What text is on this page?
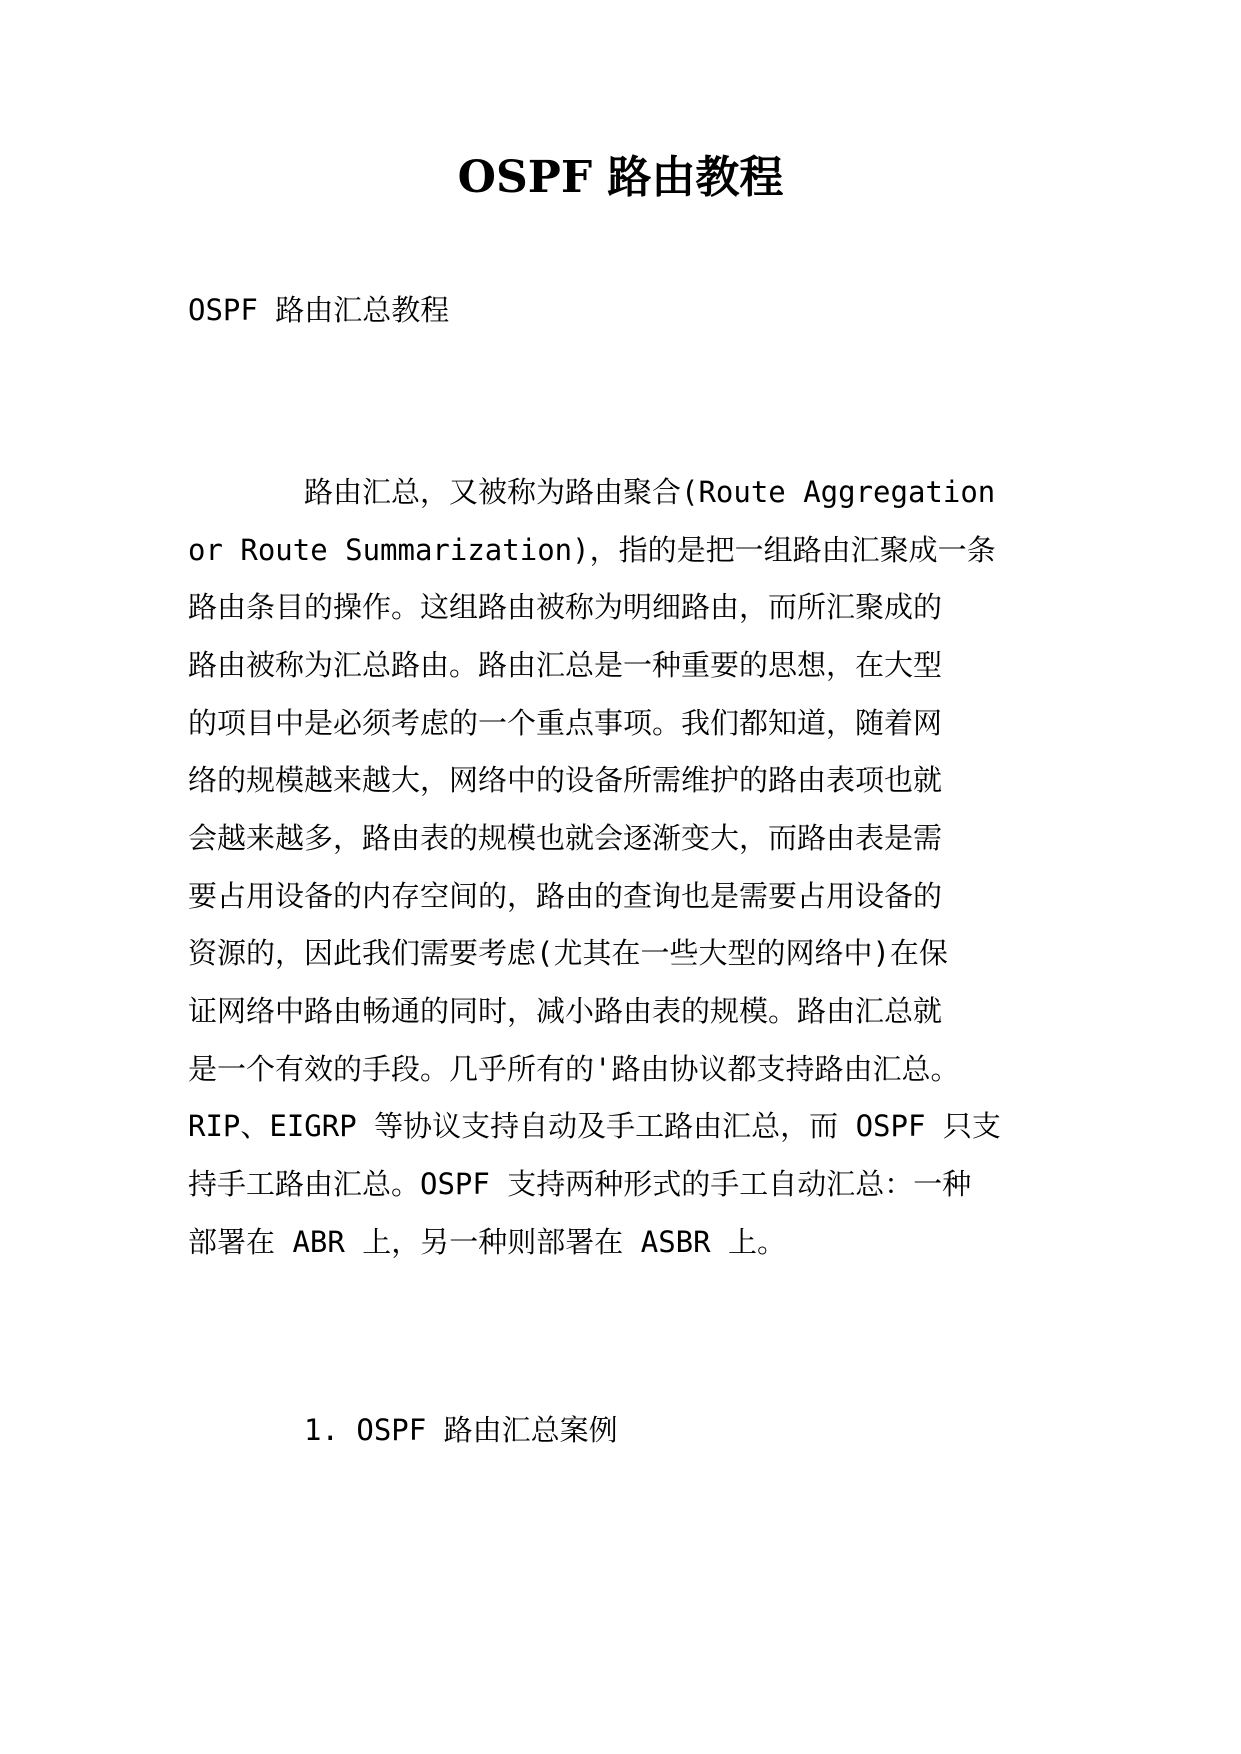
OSPF 路由教程

OSPF 路由汇总教程

路由汇总，又被称为路由聚合(Route Aggregation

or Route Summarization)，指的是把一组路由汇聚成一条

路由条目的操作。这组路由被称为明细路由，而所汇聚成的

路由被称为汇总路由。路由汇总是一种重要的思想，在大型

的项目中是必须考虑的一个重点事项。我们都知道，随着网

络的规模越来越大，网络中的设备所需维护的路由表项也就

会越来越多，路由表的规模也就会逐渐变大，而路由表是需

要占用设备的内存空间的，路由的查询也是需要占用设备的

资源的，因此我们需要考虑(尤其在一些大型的网络中)在保

证网络中路由畅通的同时，减小路由表的规模。路由汇总就

是一个有效的手段。几乎所有的'路由协议都支持路由汇总。

RIP、EIGRP 等协议支持自动及手工路由汇总，而 OSPF 只支

持手工路由汇总。OSPF 支持两种形式的手工自动汇总：一种

部署在 ABR 上，另一种则部署在 ASBR 上。

1. OSPF 路由汇总案例
